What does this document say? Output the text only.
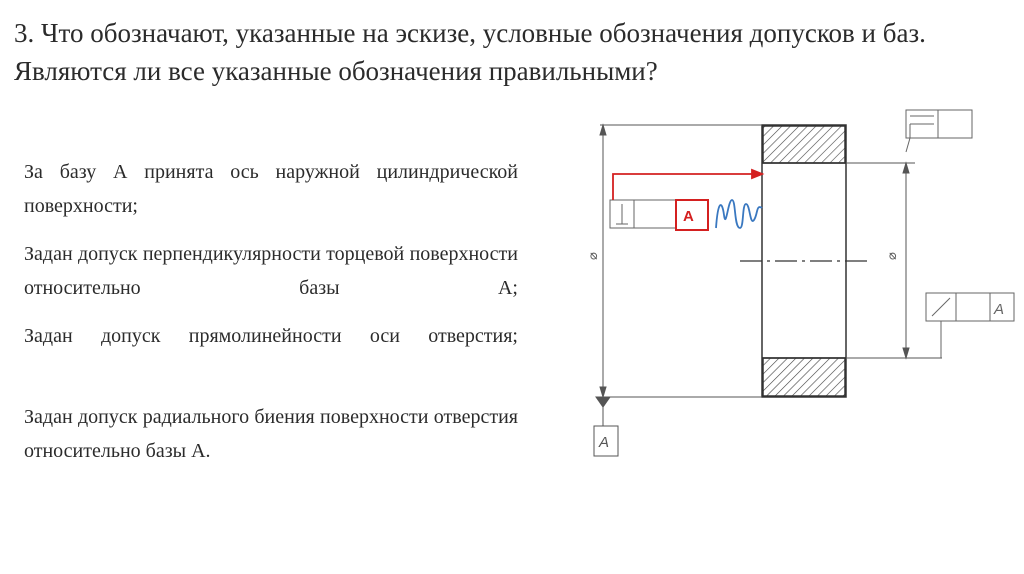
3. Что обозначают, указанные на эскизе, условные обозначения допусков и баз. Являются ли все указанные обозначения правильными?
За базу А принята ось наружной цилиндрической поверхности;
Задан допуск перпендикулярности торцевой поверхности относительно базы А;
Задан допуск прямолинейности оси отверстия;
Задан допуск радиального биения поверхности отверстия относительно базы А.
⌀	⌀
A
A
A
